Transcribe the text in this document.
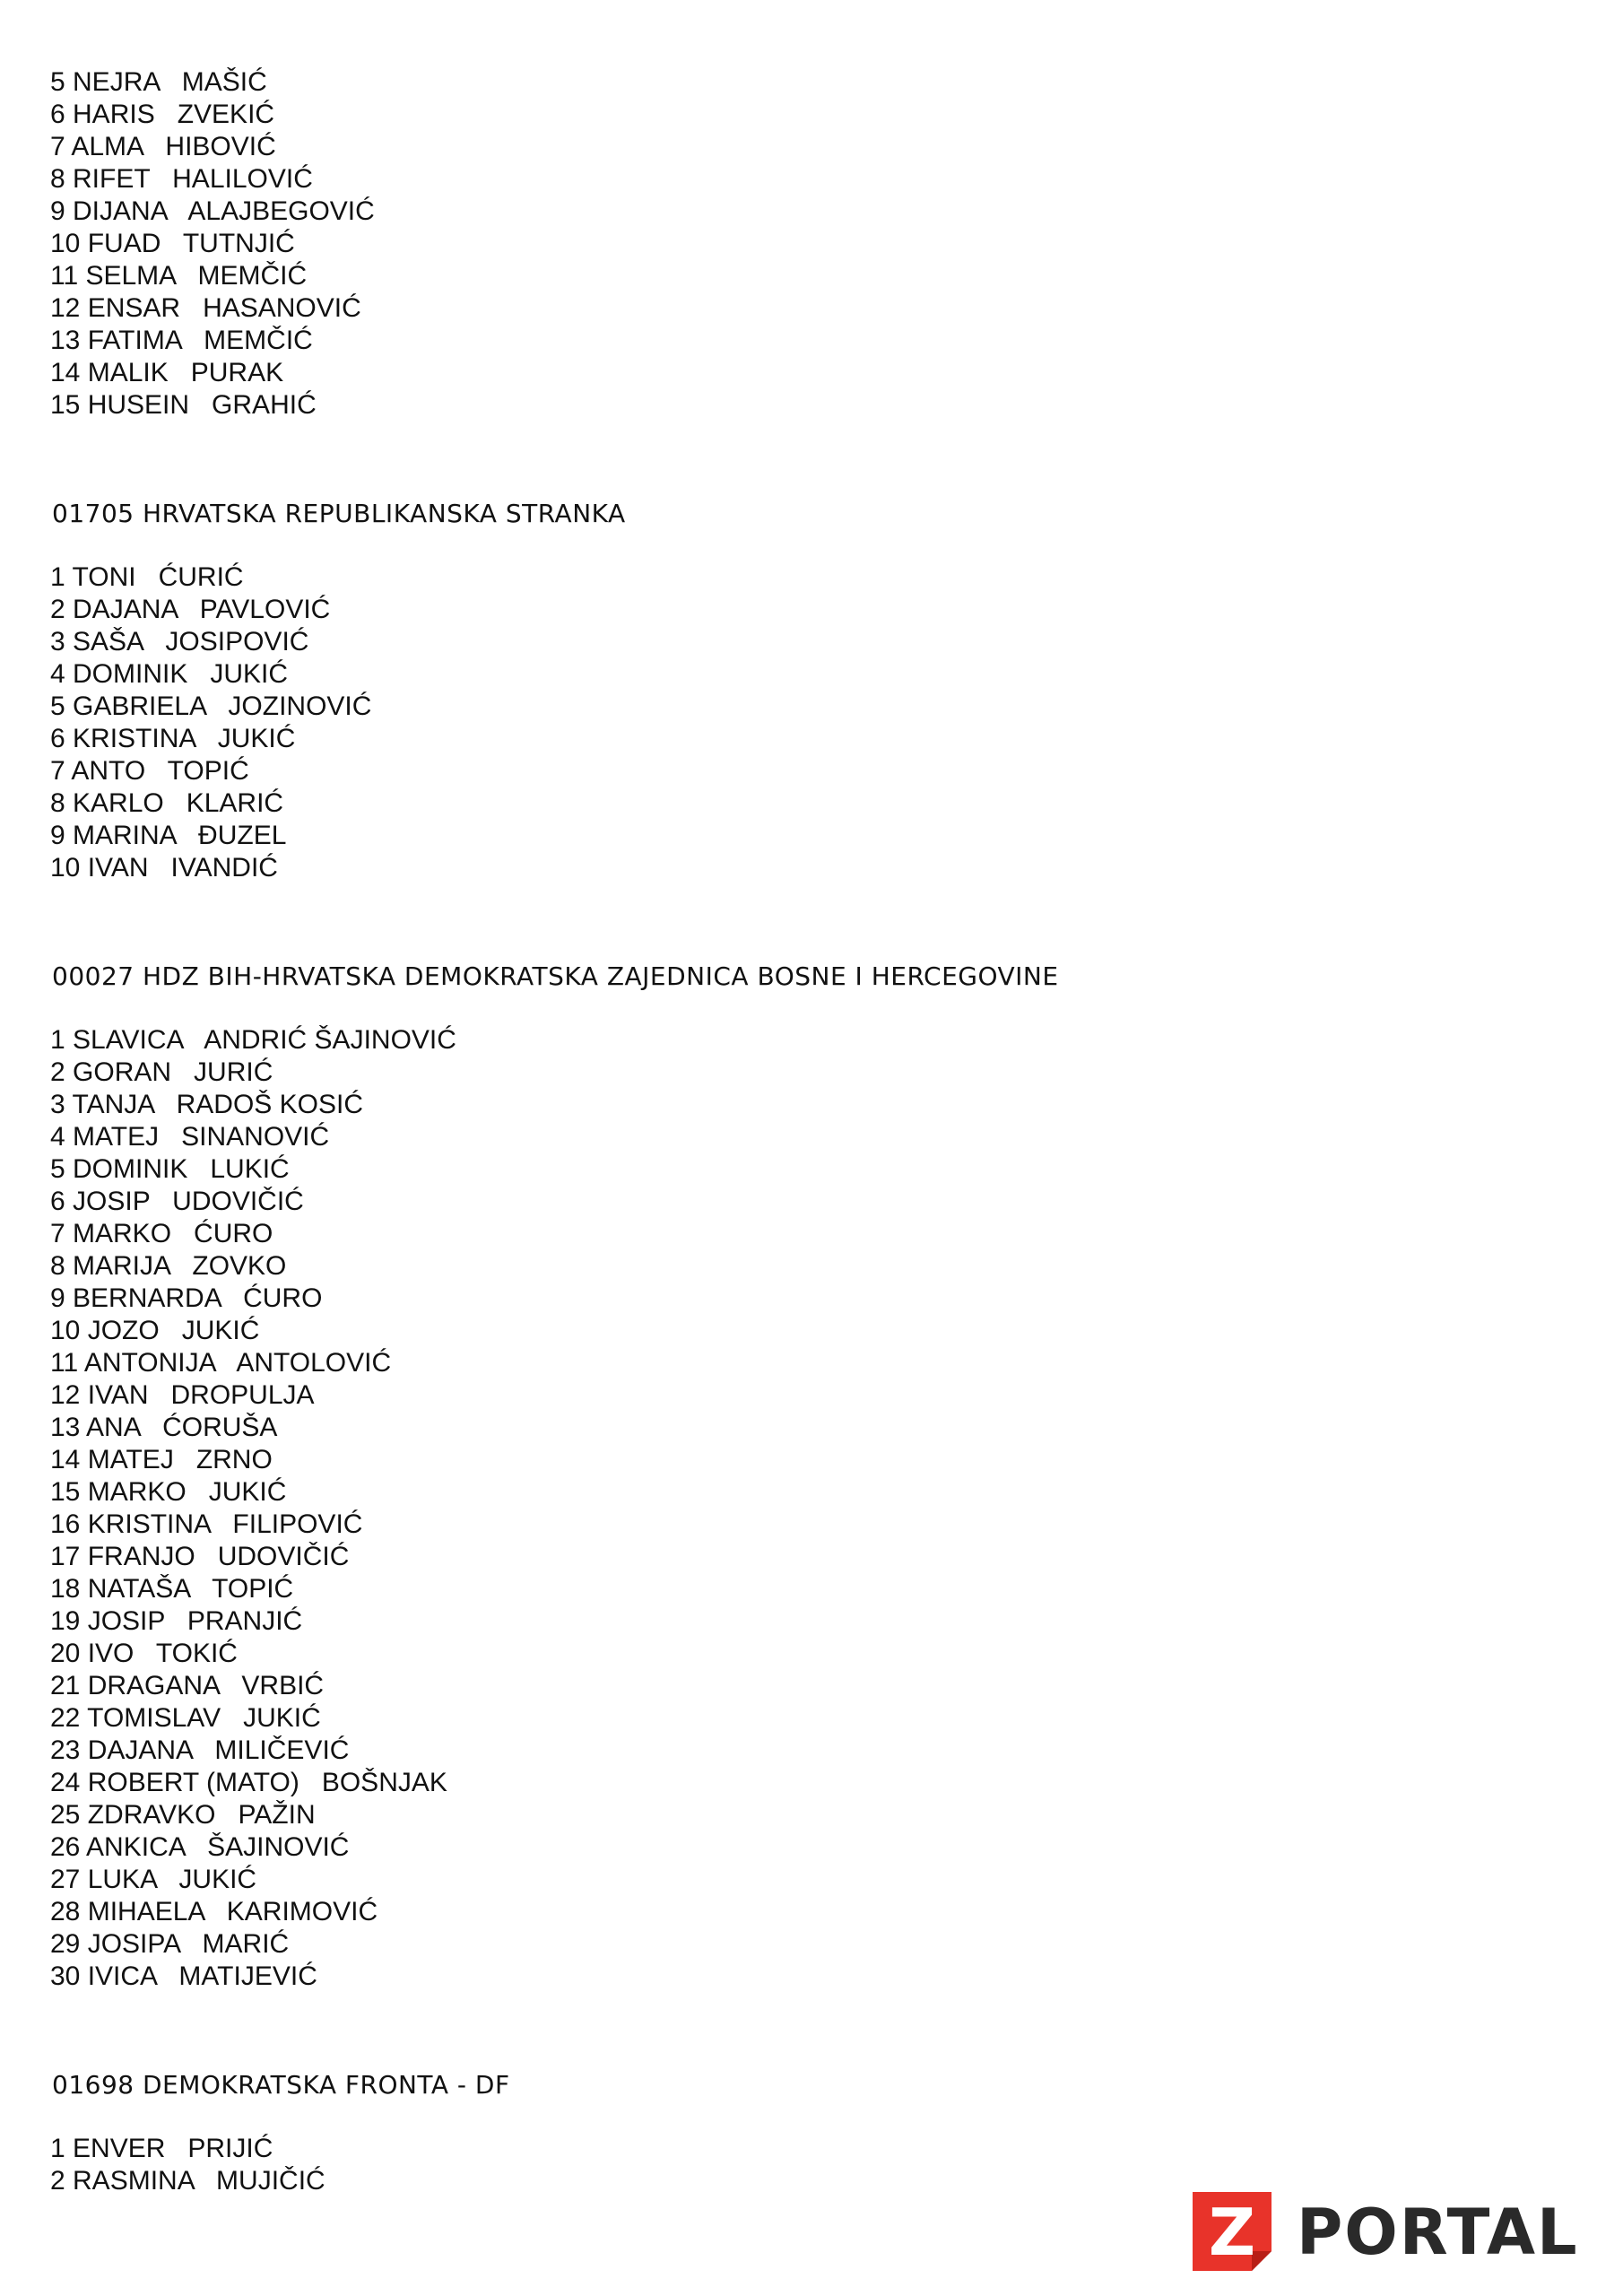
5 NEJRA   MAŠIĆ

6 HARIS   ZVEKIĆ

7 ALMA   HIBOVIĆ

8 RIFET   HALILOVIĆ

9 DIJANA   ALAJBEGOVIĆ

10 FUAD   TUTNJIĆ

11 SELMA   MEMČIĆ

12 ENSAR   HASANOVIĆ

13 FATIMA   MEMČIĆ

14 MALIK   PURAK

15 HUSEIN   GRAHIĆ

01705 HRVATSKA REPUBLIKANSKA STRANKA

1 TONI   ĆURIĆ

2 DAJANA   PAVLOVIĆ

3 SAŠA   JOSIPOVIĆ

4 DOMINIK   JUKIĆ

5 GABRIELA   JOZINOVIĆ

6 KRISTINA   JUKIĆ

7 ANTO   TOPIĆ

8 KARLO   KLARIĆ

9 MARINA   ĐUZEL

10 IVAN   IVANDIĆ

00027 HDZ BIH-HRVATSKA DEMOKRATSKA ZAJEDNICA BOSNE I HERCEGOVINE

1 SLAVICA   ANDRIĆ ŠAJINOVIĆ

2 GORAN   JURIĆ

3 TANJA   RADOŠ KOSIĆ

4 MATEJ   SINANOVIĆ

5 DOMINIK   LUKIĆ

6 JOSIP   UDOVIČIĆ

7 MARKO   ĆURO

8 MARIJA   ZOVKO

9 BERNARDA   ĆURO

10 JOZO   JUKIĆ

11 ANTONIJA   ANTOLOVIĆ

12 IVAN   DROPULJA

13 ANA   ĆORUŠA

14 MATEJ   ZRNO

15 MARKO   JUKIĆ

16 KRISTINA   FILIPOVIĆ

17 FRANJO   UDOVIČIĆ

18 NATAŠA   TOPIĆ

19 JOSIP   PRANJIĆ

20 IVO   TOKIĆ

21 DRAGANA   VRBIĆ

22 TOMISLAV   JUKIĆ

23 DAJANA   MILIČEVIĆ

24 ROBERT (MATO)   BOŠNJAK

25 ZDRAVKO   PAŽIN

26 ANKICA   ŠAJINOVIĆ

27 LUKA   JUKIĆ

28 MIHAELA   KARIMOVIĆ

29 JOSIPA   MARIĆ

30 IVICA   MATIJEVIĆ

01698 DEMOKRATSKA FRONTA - DF

1 ENVER   PRIJIĆ

2 RASMINA   MUJIČIĆ

Z PORTAL
